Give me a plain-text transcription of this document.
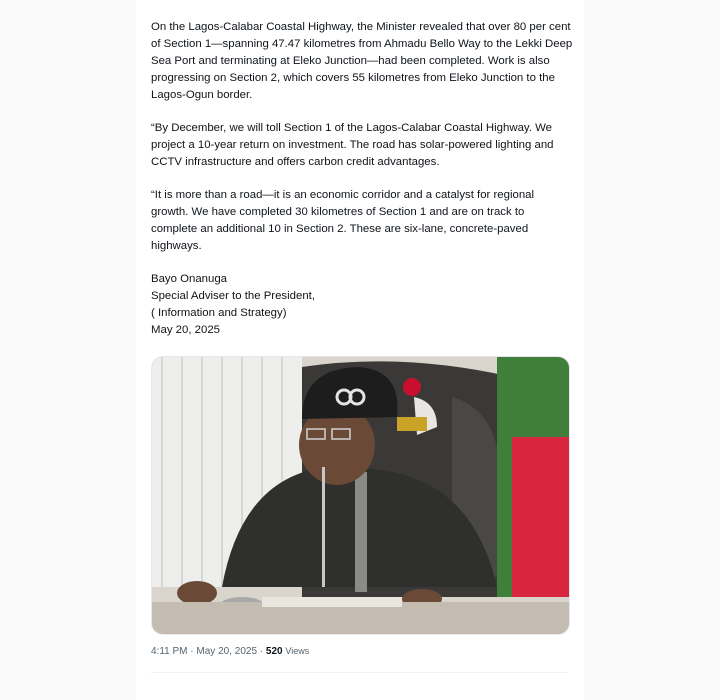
On the Lagos-Calabar Coastal Highway, the Minister revealed that over 80 per cent of Section 1—spanning 47.47 kilometres from Ahmadu Bello Way to the Lekki Deep Sea Port and terminating at Eleko Junction—had been completed. Work is also progressing on Section 2, which covers 55 kilometres from Eleko Junction to the Lagos-Ogun border.

“By December, we will toll Section 1 of the Lagos-Calabar Coastal Highway. We project a 10-year return on investment. The road has solar-powered lighting and CCTV infrastructure and offers carbon credit advantages.

“It is more than a road—it is an economic corridor and a catalyst for regional growth. We have completed 30 kilometres of Section 1 and are on track to complete an additional 10 in Section 2. These are six-lane, concrete-paved highways.

Bayo Onanuga
Special Adviser to the President,
( Information and Strategy)
May 20, 2025
4:11 PM · May 20, 2025 · 520 Views
